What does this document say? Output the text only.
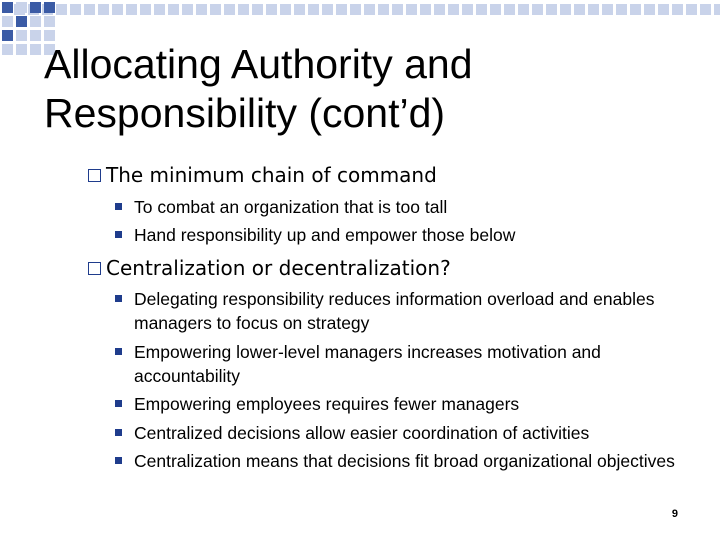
Allocating Authority and
Responsibility (cont’d)
The minimum chain of command
To combat an organization that is too tall
Hand responsibility up and empower those below
Centralization or decentralization?
Delegating responsibility reduces information overload and enables managers to focus on strategy
Empowering lower-level managers increases motivation and accountability
Empowering employees requires fewer managers
Centralized decisions allow easier coordination of activities
Centralization means that decisions fit broad organizational objectives
9
